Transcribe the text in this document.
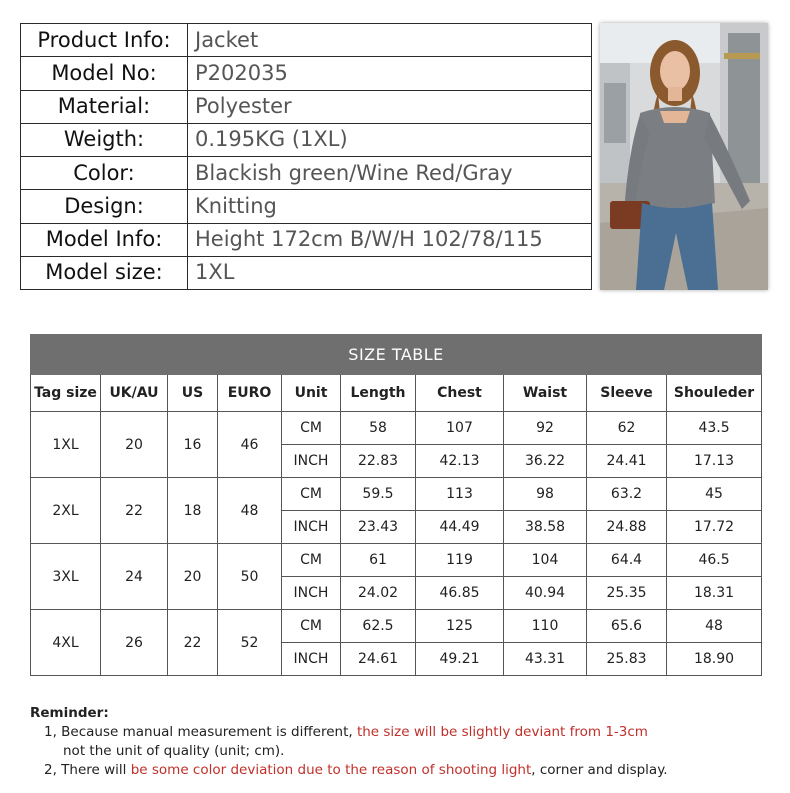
Product Info:	Jacket
Model No:	P202035
Material:	Polyester
Weigth:	0.195KG (1XL)
Color:	Blackish green/Wine Red/Gray
Design:	Knitting
Model Info:	Height 172cm B/W/H 102/78/115
Model size:	1XL
SIZE TABLE									
Tag size	UK/AU	US	EURO	Unit	Length	Chest	Waist	Sleeve	Shouleder
1XL	20	16	46	CM	58	107	92	62	43.5
				INCH	22.83	42.13	36.22	24.41	17.13
2XL	22	18	48	CM	59.5	113	98	63.2	45
				INCH	23.43	44.49	38.58	24.88	17.72
3XL	24	20	50	CM	61	119	104	64.4	46.5
				INCH	24.02	46.85	40.94	25.35	18.31
4XL	26	22	52	CM	62.5	125	110	65.6	48
				INCH	24.61	49.21	43.31	25.83	18.90
Reminder:
1, Because manual measurement is different, the size will be slightly deviant from 1-3cm
not the unit of quality (unit; cm).
2, There will be some color deviation due to the reason of shooting light, corner and display.
